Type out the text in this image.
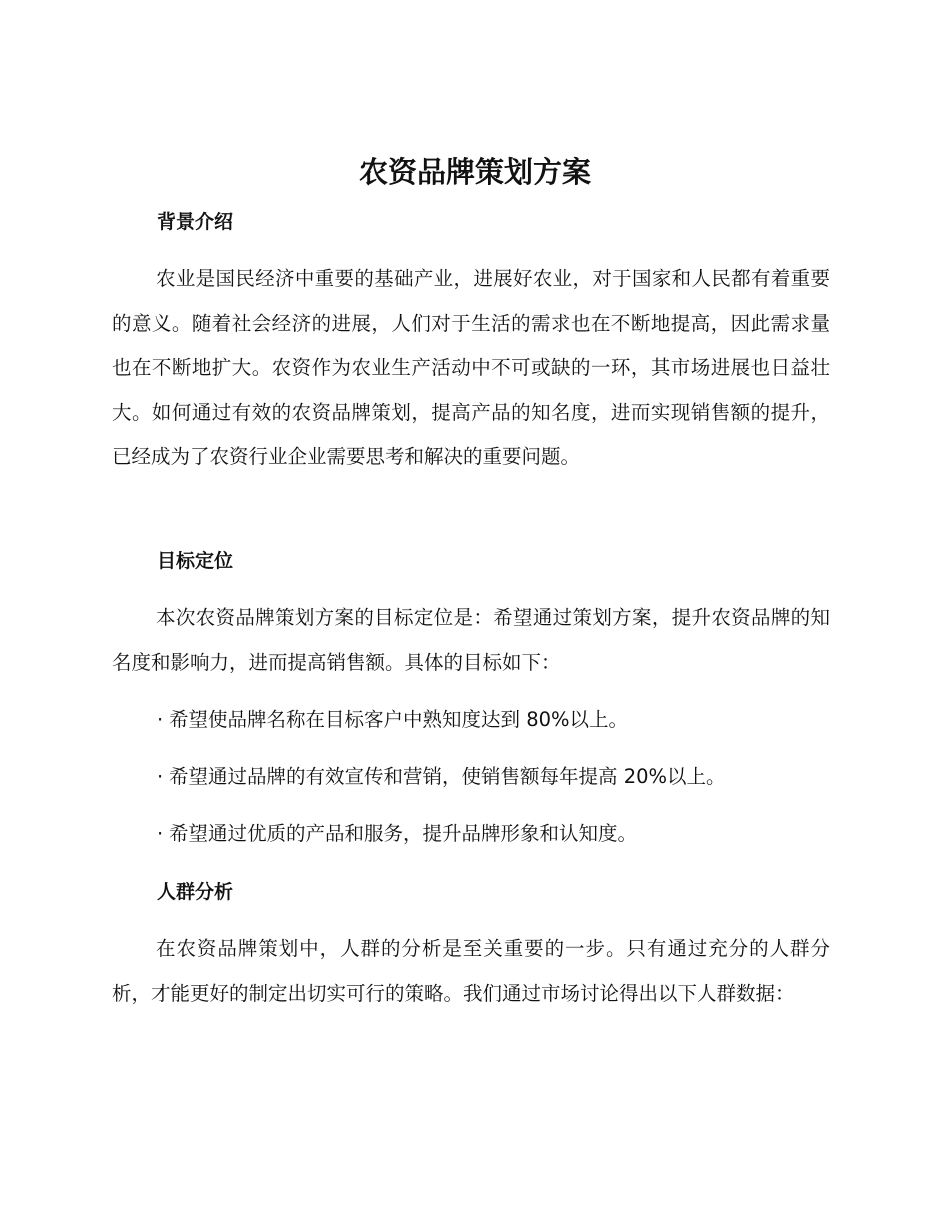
农资品牌策划方案
背景介绍

农业是国民经济中重要的基础产业，进展好农业，对于国家和人民都有着重要的意义。随着社会经济的进展，人们对于生活的需求也在不断地提高，因此需求量也在不断地扩大。农资作为农业生产活动中不可或缺的一环，其市场进展也日益壮大。如何通过有效的农资品牌策划，提高产品的知名度，进而实现销售额的提升，已经成为了农资行业企业需要思考和解决的重要问题。

目标定位

本次农资品牌策划方案的目标定位是：希望通过策划方案，提升农资品牌的知名度和影响力，进而提高销售额。具体的目标如下：

· 希望使品牌名称在目标客户中熟知度达到 80%以上。
· 希望通过品牌的有效宣传和营销，使销售额每年提高 20%以上。
· 希望通过优质的产品和服务，提升品牌形象和认知度。
人群分析

在农资品牌策划中，人群的分析是至关重要的一步。只有通过充分的人群分析，才能更好的制定出切实可行的策略。我们通过市场讨论得出以下人群数据：
